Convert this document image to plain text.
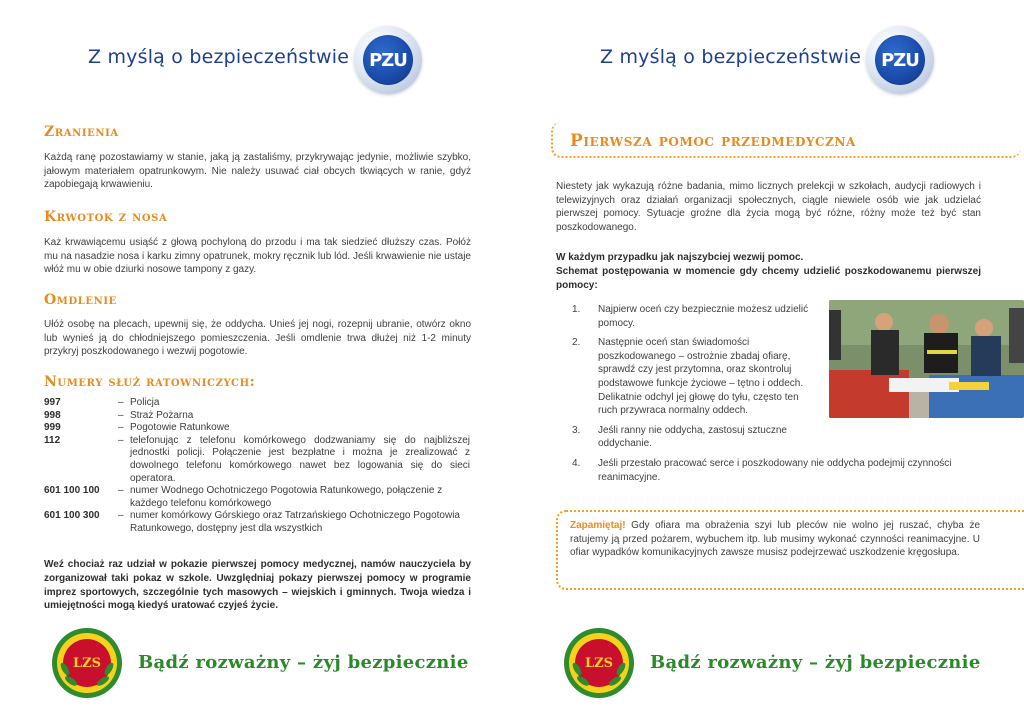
Z myślą o bezpieczeństwie	PZU
Zranienia
Każdą ranę pozostawiamy w stanie, jaką ją zastaliśmy, przykrywając jedynie, możliwie szybko, jałowym materiałem opatrunkowym. Nie należy usuwać ciał obcych tkwiących w ranie, gdyż zapobiegają krwawieniu.
Krwotok z nosa
Każ krwawiącemu usiąść z głową pochyloną do przodu i ma tak siedzieć dłuższy czas. Połóż mu na nasadzie nosa i karku zimny opatrunek, mokry ręcznik lub lód. Jeśli krwawienie nie ustaje włóż mu w obie dziurki nosowe tampony z gazy.
Omdlenie
Ułóż osobę na plecach, upewnij się, że oddycha. Unieś jej nogi, rozepnij ubranie, otwórz okno lub wynieś ją do chłodniejszego pomieszczenia. Jeśli omdlenie trwa dłużej niż 1-2 minuty przykryj poszkodowanego i wezwij pogotowie.
Numery służ ratowniczych:
997	– Policja
998	– Straż Pożarna
999	– Pogotowie Ratunkowe
112	– telefonując z telefonu komórkowego dodzwaniamy się do najbliższej jednostki policji. Połączenie jest bezpłatne i można je zrealizować z dowolnego telefonu komórkowego nawet bez logowania się do sieci operatora.
601 100 100	– numer Wodnego Ochotniczego Pogotowia Ratunkowego, połączenie z każdego telefonu komórkowego
601 100 300	– numer komórkowy Górskiego oraz Tatrzańskiego Ochotniczego Pogotowia Ratunkowego, dostępny jest dla wszystkich
Weź chociaż raz udział w pokazie pierwszej pomocy medycznej, namów nauczyciela by zorganizował taki pokaz w szkole. Uwzględniaj pokazy pierwszej pomocy w programie imprez sportowych, szczególnie tych masowych – wiejskich i gminnych. Twoja wiedza i umiejętności mogą kiedyś uratować czyjeś życie.
LZS Bądź rozważny – żyj bezpiecznie
Z myślą o bezpieczeństwie	PZU
Pierwsza pomoc przedmedyczna
Niestety jak wykazują różne badania, mimo licznych prelekcji w szkołach, audycji radiowych i telewizyjnych oraz działań organizacji społecznych, ciągle niewiele osób wie jak udzielać pierwszej pomocy. Sytuacje groźne dla życia mogą być różne, różny może też być stan poszkodowanego.
W każdym przypadku jak najszybciej wezwij pomoc.
Schemat postępowania w momencie gdy chcemy udzielić poszkodowanemu pierwszej pomocy:
1.	Najpierw oceń czy bezpiecznie możesz udzielić pomocy.
2.	Następnie oceń stan świadomości poszkodowanego – ostrożnie zbadaj ofiarę, sprawdź czy jest przytomna, oraz skontroluj podstawowe funkcje życiowe – tętno i oddech. Delikatnie odchyl jej głowę do tyłu, często ten ruch przywraca normalny oddech.
3.	Jeśli ranny nie oddycha, zastosuj sztuczne oddychanie.
4.	Jeśli przestało pracować serce i poszkodowany nie oddycha podejmij czynności reanimacyjne.
Zapamiętaj! Gdy ofiara ma obrażenia szyi lub pleców nie wolno jej ruszać, chyba że ratujemy ją przed pożarem, wybuchem itp. lub musimy wykonać czynności reanimacyjne. U ofiar wypadków komunikacyjnych zawsze musisz podejrzewać uszkodzenie kręgosłupa.
LZS Bądź rozważny – żyj bezpiecznie
